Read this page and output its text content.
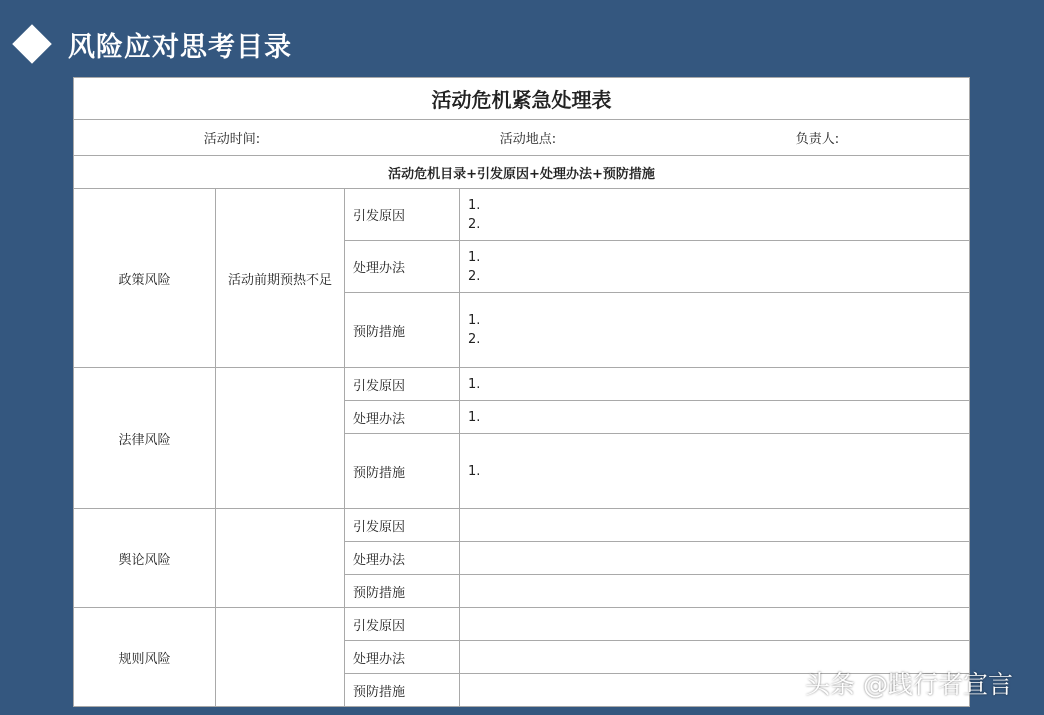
风险应对思考目录
活动危机紧急处理表			

活动时间: 活动地点: 负责人:			

活动危机目录+引发原因+处理办法+预防措施			
政策风险	活动前期预热不足	引发原因	1.
2.

		处理办法	1.
2.

		预防措施	1.
2.

法律风险		引发原因	1.

		处理办法	1.

		预防措施	1.

舆论风险		引发原因	
		处理办法	
		预防措施	
规则风险		引发原因	
		处理办法	
		预防措施		头条 @践行者宣言
